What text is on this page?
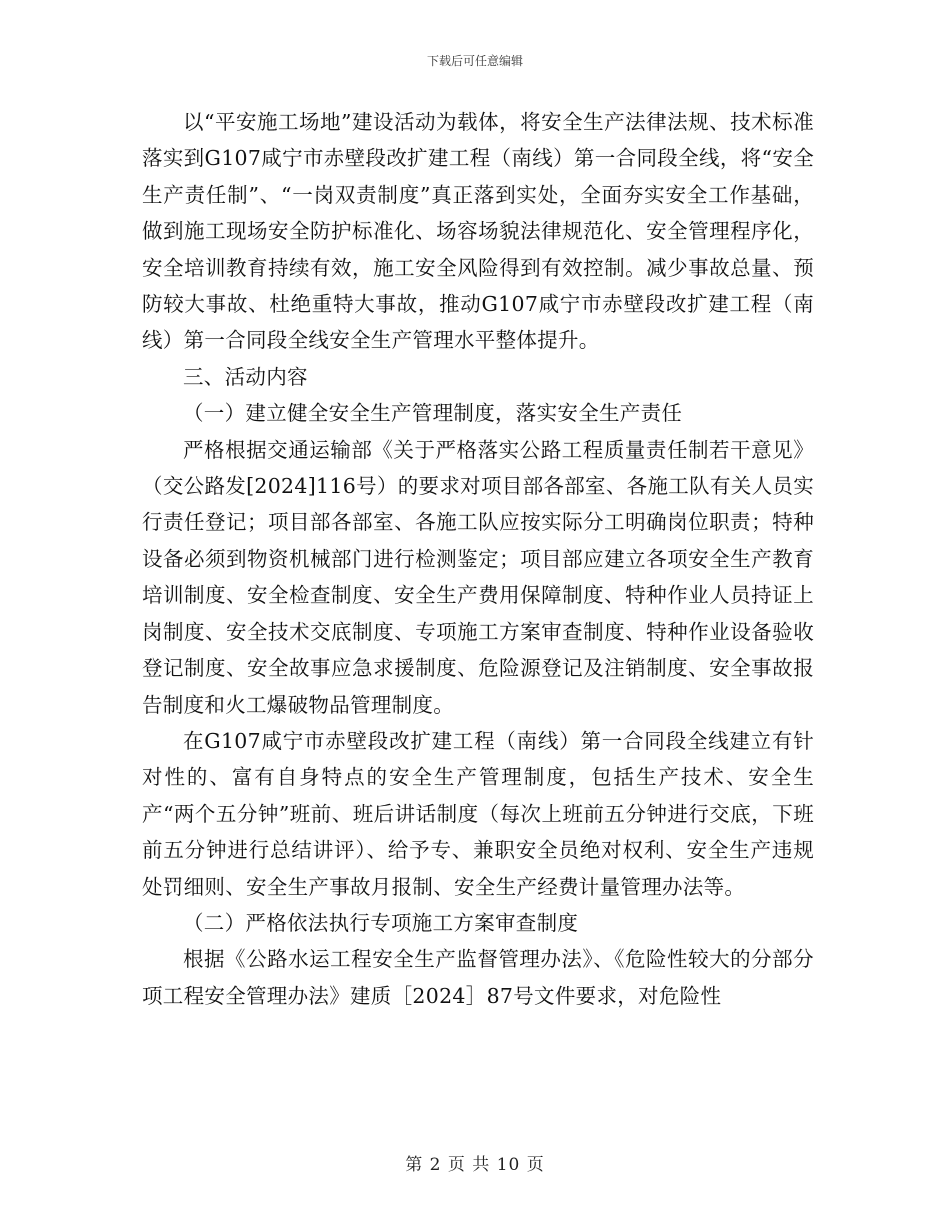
下载后可任意编辑

以“平安施工场地”建设活动为载体，将安全生产法律法规、技术标准落实到G107咸宁市赤壁段改扩建工程（南线）第一合同段全线，将“安全生产责任制”、“一岗双责制度”真正落到实处，全面夯实安全工作基础，做到施工现场安全防护标准化、场容场貌法律规范化、安全管理程序化，安全培训教育持续有效，施工安全风险得到有效控制。减少事故总量、预防较大事故、杜绝重特大事故，推动G107咸宁市赤壁段改扩建工程（南线）第一合同段全线安全生产管理水平整体提升。

三、活动内容

（一）建立健全安全生产管理制度，落实安全生产责任

严格根据交通运输部《关于严格落实公路工程质量责任制若干意见》（交公路发[2024]116号）的要求对项目部各部室、各施工队有关人员实行责任登记；项目部各部室、各施工队应按实际分工明确岗位职责；特种设备必须到物资机械部门进行检测鉴定；项目部应建立各项安全生产教育培训制度、安全检查制度、安全生产费用保障制度、特种作业人员持证上岗制度、安全技术交底制度、专项施工方案审查制度、特种作业设备验收登记制度、安全故事应急求援制度、危险源登记及注销制度、安全事故报告制度和火工爆破物品管理制度。

在G107咸宁市赤壁段改扩建工程（南线）第一合同段全线建立有针对性的、富有自身特点的安全生产管理制度，包括生产技术、安全生产“两个五分钟”班前、班后讲话制度（每次上班前五分钟进行交底，下班前五分钟进行总结讲评）、给予专、兼职安全员绝对权利、安全生产违规处罚细则、安全生产事故月报制、安全生产经费计量管理办法等。

（二）严格依法执行专项施工方案审查制度

根据《公路水运工程安全生产监督管理办法》、《危险性较大的分部分项工程安全管理办法》建质［2024］87号文件要求，对危险性

第 2 页 共 10 页
